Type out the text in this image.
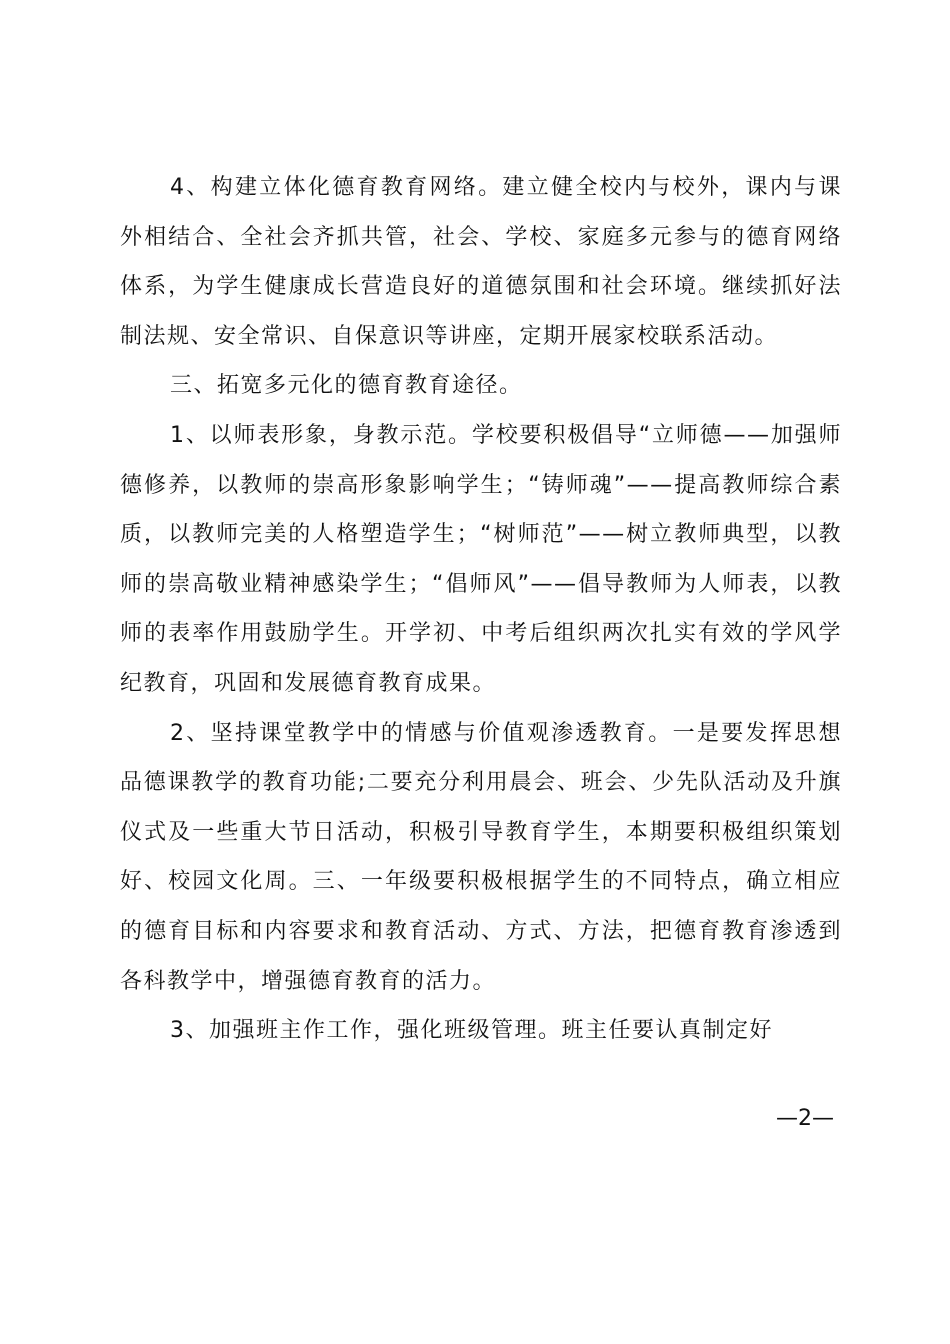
4、构建立体化德育教育网络。建立健全校内与校外，课内与课外相结合、全社会齐抓共管，社会、学校、家庭多元参与的德育网络体系，为学生健康成长营造良好的道德氛围和社会环境。继续抓好法制法规、安全常识、自保意识等讲座，定期开展家校联系活动。

三、拓宽多元化的德育教育途径。

1、以师表形象，身教示范。学校要积极倡导“立师德——加强师德修养，以教师的崇高形象影响学生；“铸师魂”——提高教师综合素质，以教师完美的人格塑造学生；“树师范”——树立教师典型，以教师的崇高敬业精神感染学生；“倡师风”——倡导教师为人师表，以教师的表率作用鼓励学生。开学初、中考后组织两次扎实有效的学风学纪教育，巩固和发展德育教育成果。

2、坚持课堂教学中的情感与价值观渗透教育。一是要发挥思想品德课教学的教育功能;二要充分利用晨会、班会、少先队活动及升旗仪式及一些重大节日活动，积极引导教育学生，本期要积极组织策划好、校园文化周。三、一年级要积极根据学生的不同特点，确立相应的德育目标和内容要求和教育活动、方式、方法，把德育教育渗透到各科教学中，增强德育教育的活力。

3、加强班主作工作，强化班级管理。班主任要认真制定好

—2—
